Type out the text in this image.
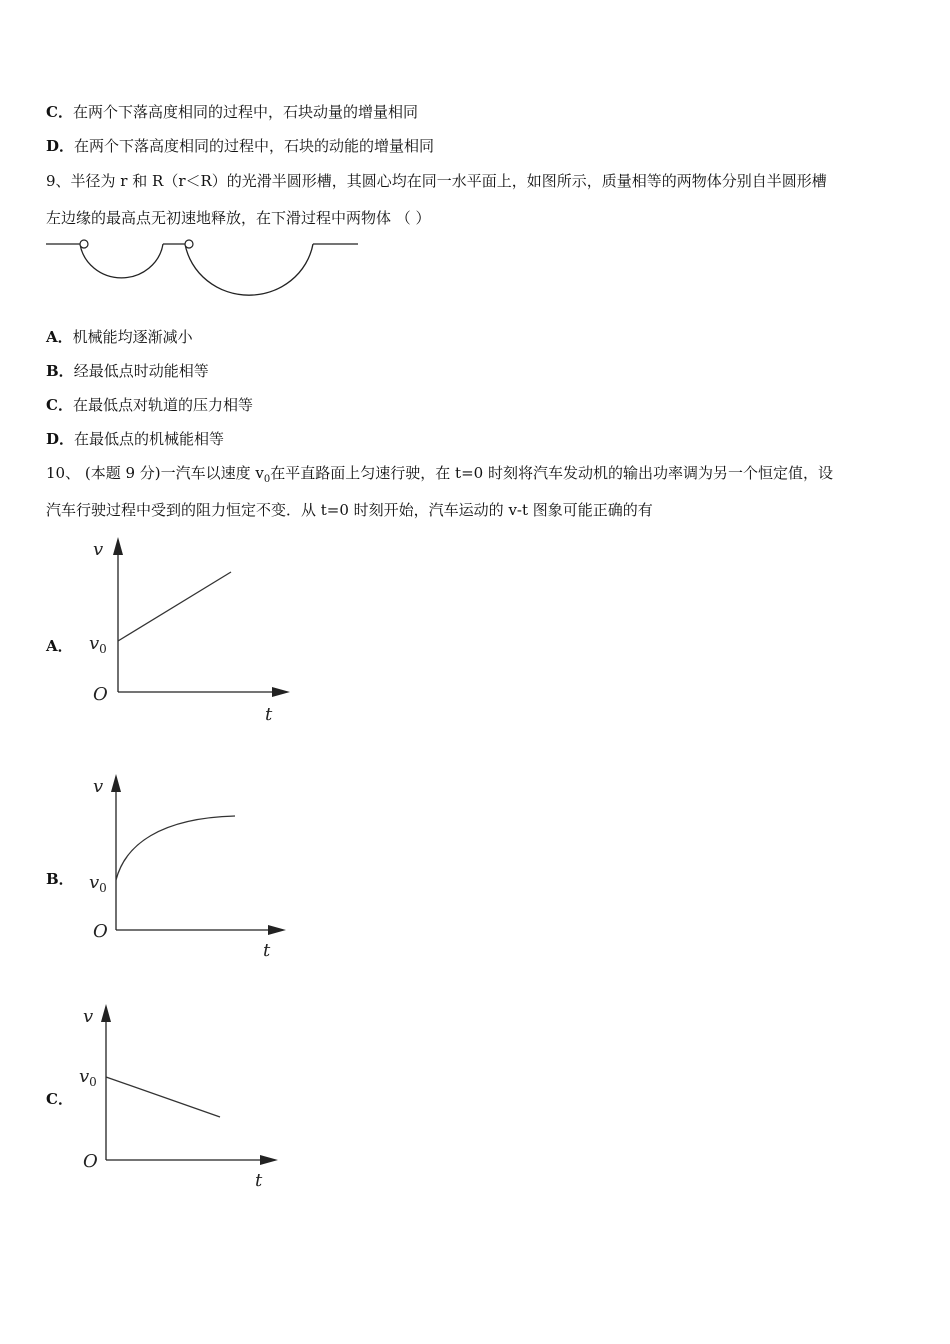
C．在两个下落高度相同的过程中，石块动量的增量相同
D．在两个下落高度相同的过程中，石块的动能的增量相同
9、半径为 r 和 R（r＜R）的光滑半圆形槽，其圆心均在同一水平面上，如图所示，质量相等的两物体分别自半圆形槽
左边缘的最高点无初速地释放，在下滑过程中两物体 （ ）
A．机械能均逐渐减小
B．经最低点时动能相等
C．在最低点对轨道的压力相等
D．在最低点的机械能相等
10、 (本题 9 分)一汽车以速度 $v_0$在平直路面上匀速行驶，在 t=0 时刻将汽车发动机的输出功率调为另一个恒定值，设
汽车行驶过程中受到的阻力恒定不变．从 t=0 时刻开始，汽车运动的 v-t 图象可能正确的有
A．
v
t
O
$v_0$
B．
v
t
O
$v_0$
C．
v
t
O
$v_0$
